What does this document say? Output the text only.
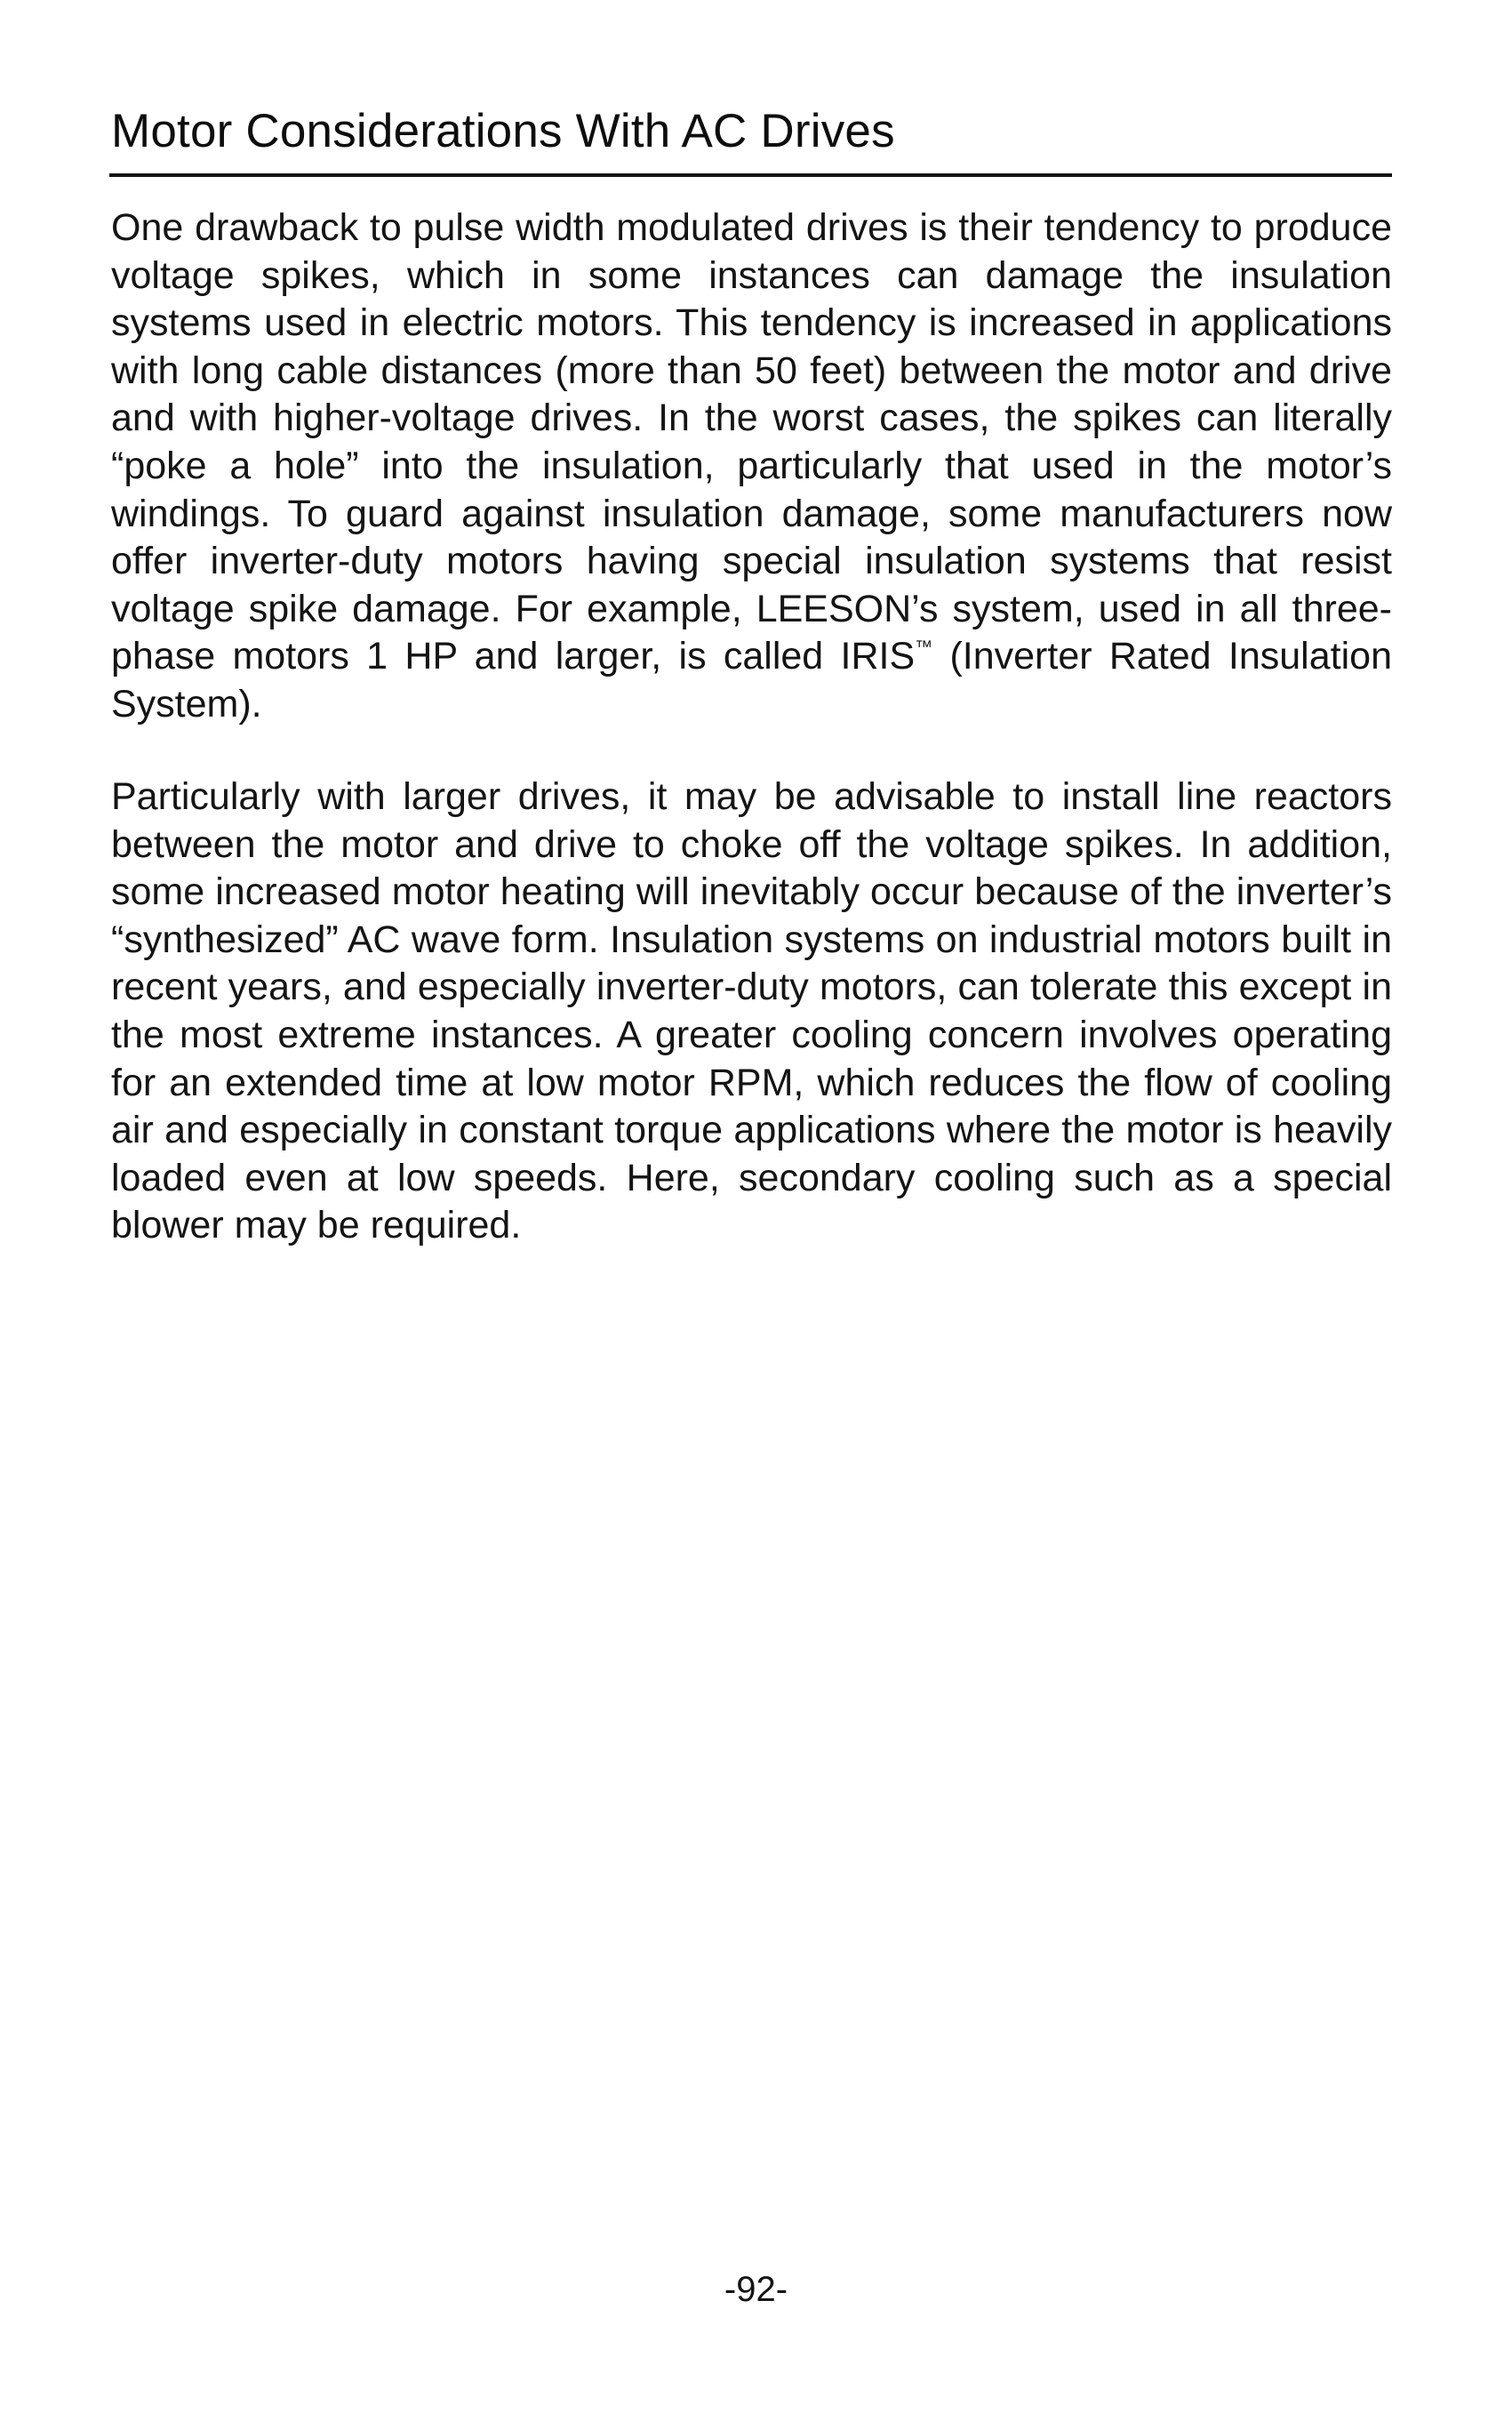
Motor Considerations With AC Drives

One drawback to pulse width modulated drives is their tendency to produce voltage spikes, which in some instances can damage the insulation systems used in electric motors. This tendency is increased in applications with long cable distances (more than 50 feet) between the motor and drive and with higher-voltage drives. In the worst cases, the spikes can literally “poke a hole” into the insulation, particularly that used in the motor’s windings. To guard against insulation damage, some manufacturers now offer inverter-duty motors having special insulation systems that resist voltage spike damage. For example, LEESON’s system, used in all three-phase motors 1 HP and larger, is called IRIS™ (Inverter Rated Insulation System).

Particularly with larger drives, it may be advisable to install line reactors between the motor and drive to choke off the voltage spikes. In addition, some increased motor heating will inevitably occur because of the inverter’s “synthesized” AC wave form. Insulation systems on industrial motors built in recent years, and especially inverter-duty motors, can tolerate this except in the most extreme instances. A greater cooling concern involves operating for an extended time at low motor RPM, which reduces the flow of cooling air and especially in constant torque applications where the motor is heavily loaded even at low speeds. Here, secondary cooling such as a special blower may be required.

-92-
